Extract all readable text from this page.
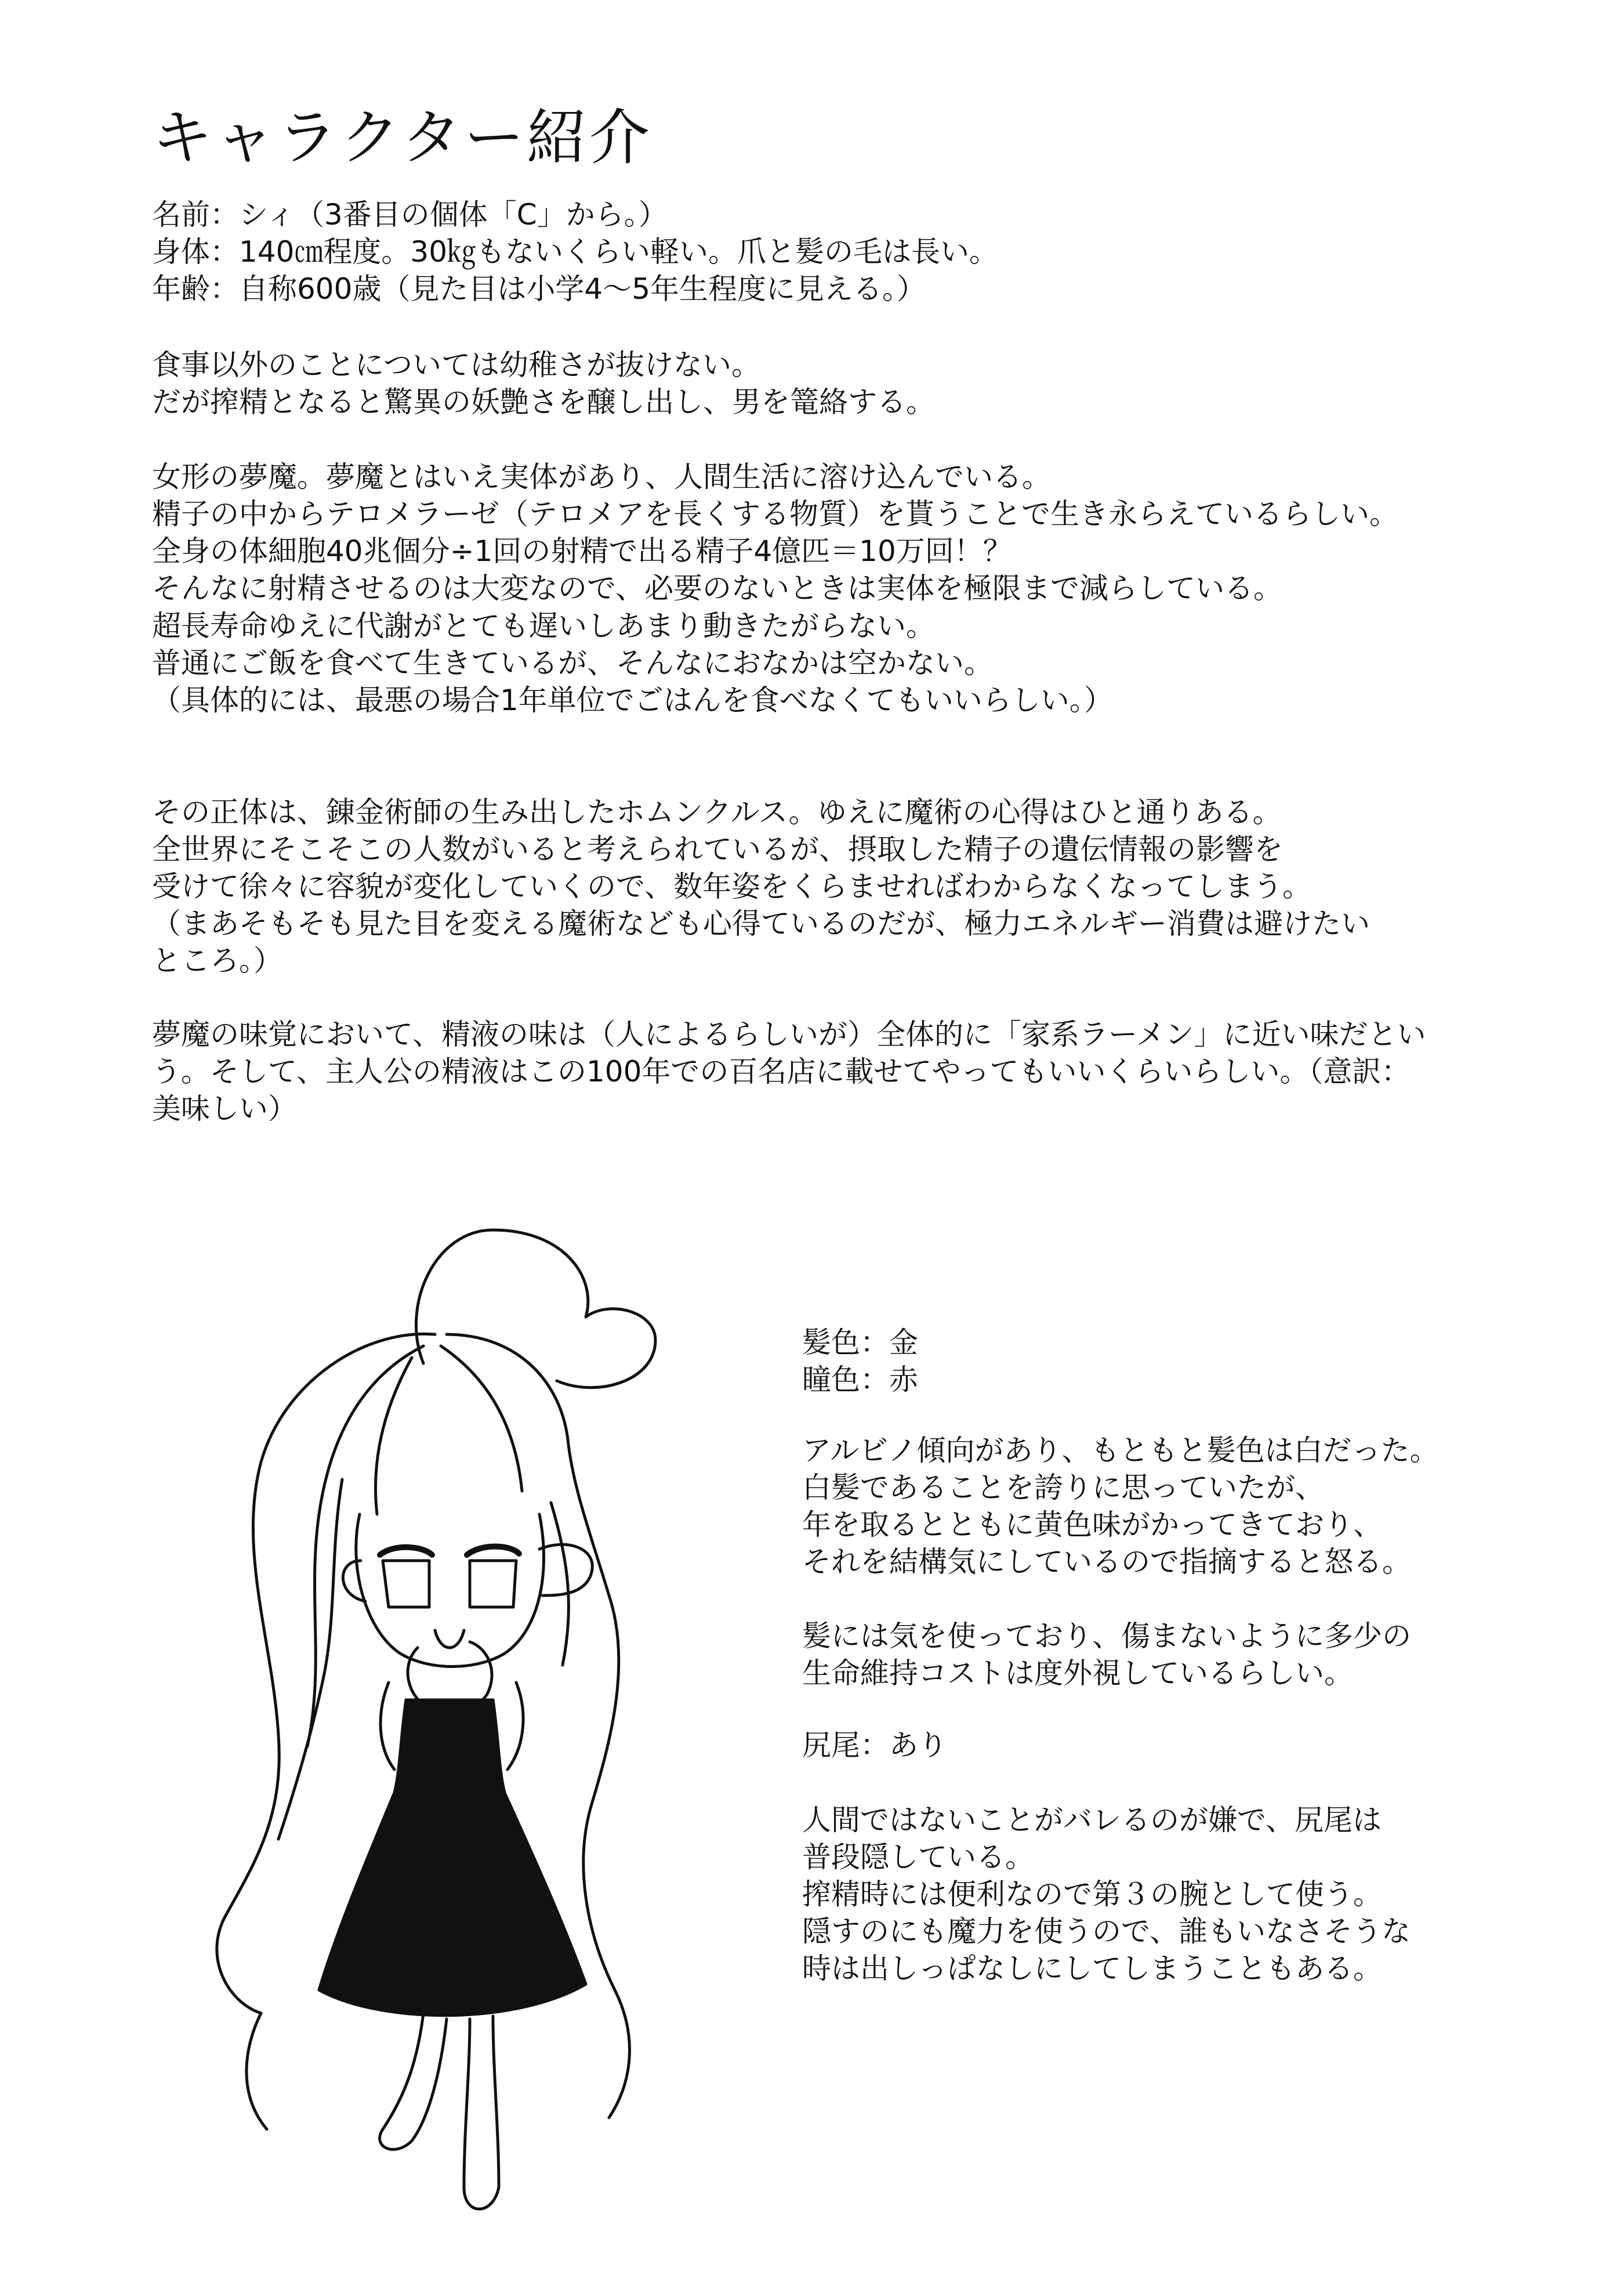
キャラクター紹介
名前：シィ（3番目の個体「C」から。）
身体：140㎝程度。30㎏もないくらい軽い。爪と髪の毛は長い。
年齢：自称600歳（見た目は小学4～5年生程度に見える。）
食事以外のことについては幼稚さが抜けない。
だが搾精となると驚異の妖艶さを醸し出し、男を篭絡する。
女形の夢魔。夢魔とはいえ実体があり、人間生活に溶け込んでいる。
精子の中からテロメラーゼ（テロメアを長くする物質）を貰うことで生き永らえているらしい。
全身の体細胞40兆個分÷1回の射精で出る精子4億匹＝10万回！？
そんなに射精させるのは大変なので、必要のないときは実体を極限まで減らしている。
超長寿命ゆえに代謝がとても遅いしあまり動きたがらない。
普通にご飯を食べて生きているが、そんなにおなかは空かない。
（具体的には、最悪の場合1年単位でごはんを食べなくてもいいらしい。）
その正体は、錬金術師の生み出したホムンクルス。ゆえに魔術の心得はひと通りある。
全世界にそこそこの人数がいると考えられているが、摂取した精子の遺伝情報の影響を
受けて徐々に容貌が変化していくので、数年姿をくらませればわからなくなってしまう。
（まあそもそも見た目を変える魔術なども心得ているのだが、極力エネルギー消費は避けたい
ところ。）
夢魔の味覚において、精液の味は（人によるらしいが）全体的に「家系ラーメン」に近い味だとい
う。そして、主人公の精液はこの100年での百名店に載せてやってもいいくらいらしい。（意訳：
美味しい）
髪色：金
瞳色：赤
アルビノ傾向があり、もともと髪色は白だった。
白髪であることを誇りに思っていたが、
年を取るとともに黄色味がかってきており、
それを結構気にしているので指摘すると怒る。
髪には気を使っており、傷まないように多少の
生命維持コストは度外視しているらしい。
尻尾：あり
人間ではないことがバレるのが嫌で、尻尾は
普段隠している。
搾精時には便利なので第３の腕として使う。
隠すのにも魔力を使うので、誰もいなさそうな
時は出しっぱなしにしてしまうこともある。
